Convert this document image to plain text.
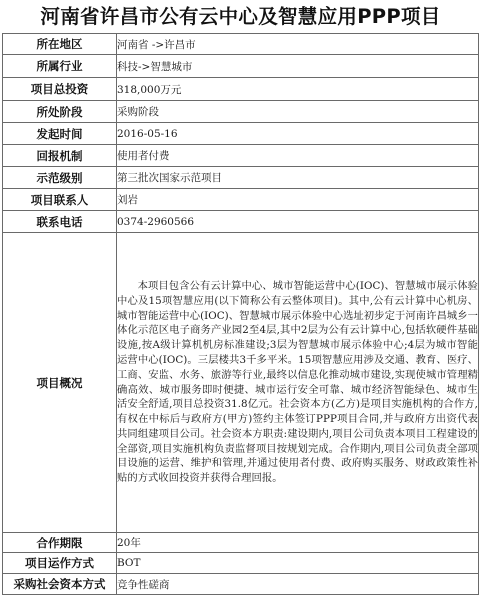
河南省许昌市公有云中心及智慧应用PPP项目
所在地区	河南省 ->许昌市
所属行业	科技->智慧城市
项目总投资	318,000万元
所处阶段	采购阶段
发起时间	2016-05-16
回报机制	使用者付费
示范级别	第三批次国家示范项目
项目联系人	刘岩
联系电话	0374-2960566
项目概况	本项目包含公有云计算中心、城市智能运营中心(IOC)、智慧城市展示体验中心及15项智慧应用(以下简称公有云整体项目)。其中,公有云计算中心机房、城市智能运营中心(IOC)、智慧城市展示体验中心选址初步定于河南许昌城乡一体化示范区电子商务产业园2至4层,其中2层为公有云计算中心,包括软硬件基础设施,按A级计算机机房标准建设;3层为智慧城市展示体验中心;4层为城市智能运营中心(IOC)。三层楼共3千多平米。15项智慧应用涉及交通、教育、医疗、工商、安监、水务、旅游等行业,最终以信息化推动城市建设,实现使城市管理精确高效、城市服务即时便捷、城市运行安全可靠、城市经济智能绿色、城市生活安全舒适,项目总投资31.8亿元。社会资本方(乙方)是项目实施机构的合作方,有权在中标后与政府方(甲方)签约主体签订PPP项目合同,并与政府方出资代表共同组建项目公司。社会资本方职责:建设期内,项目公司负责本项目工程建设的全部资,项目实施机构负责监督项目按规划完成。合作期内,项目公司负责全部项目设施的运营、维护和管理,并通过使用者付费、政府购买服务、财政政策性补贴的方式收回投资并获得合理回报。
合作期限	20年
项目运作方式	BOT
采购社会资本方式	竞争性磋商
